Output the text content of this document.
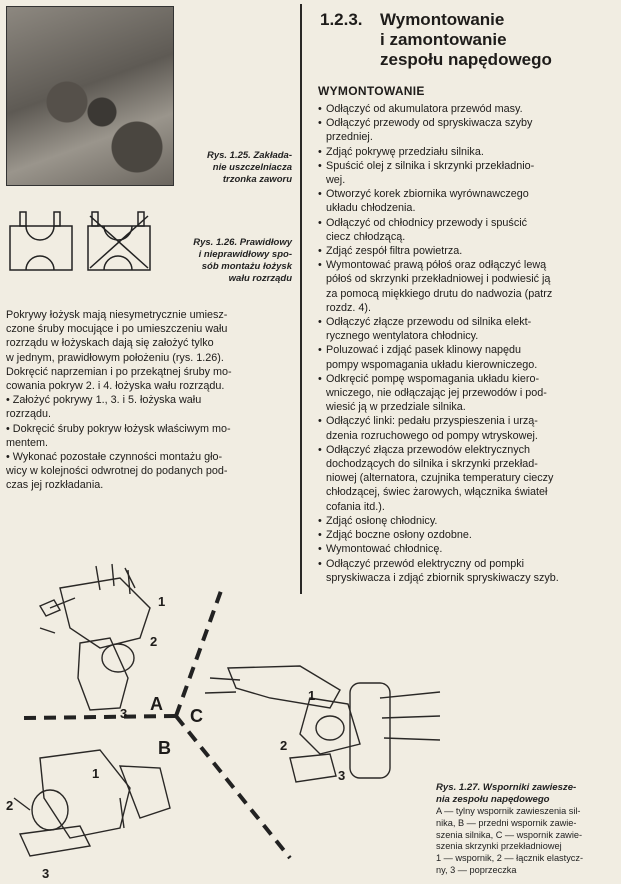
Rys. 1.25. Zakłada-
nie uszczelniacza
trzonka zaworu
Rys. 1.26. Prawidłowy
i nieprawidłowy spo-
sób montażu łożysk
wału rozrządu

Pokrywy łożysk mają niesymetrycznie umiesz-

czone śruby mocujące i po umieszczeniu wału

rozrządu w łożyskach dają się założyć tylko

w jednym, prawidłowym położeniu (rys. 1.26).

Dokręcić naprzemian i po przekątnej śruby mo-

cowania pokryw 2. i 4. łożyska wału rozrządu.

• Założyć pokrywy 1., 3. i 5. łożyska wału

rozrządu.

• Dokręcić śruby pokryw łożysk właściwym mo-

mentem.

• Wykonać pozostałe czynności montażu gło-

wicy w kolejności odwrotnej do podanych pod-

czas jej rozkładania.

1.2.3.	Wymontowanie
i zamontowanie
zespołu napędowego
WYMONTOWANIE
• Odłączyć od akumulatora przewód masy.
• Odłączyć przewody od spryskiwacza szyby
przedniej.
• Zdjąć pokrywę przedziału silnika.
• Spuścić olej z silnika i skrzynki przekładnio-
wej.
• Otworzyć korek zbiornika wyrównawczego
układu chłodzenia.
• Odłączyć od chłodnicy przewody i spuścić
ciecz chłodzącą.
• Zdjąć zespół filtra powietrza.
• Wymontować prawą półoś oraz odłączyć lewą
półoś od skrzynki przekładniowej i podwiesić ją
za pomocą miękkiego drutu do nadwozia (patrz
rozdz. 4).
• Odłączyć złącze przewodu od silnika elekt-
rycznego wentylatora chłodnicy.
• Poluzować i zdjąć pasek klinowy napędu
pompy wspomagania układu kierowniczego.
• Odkręcić pompę wspomagania układu kiero-
wniczego, nie odłączając jej przewodów i pod-
wiesić ją w przedziale silnika.
• Odłączyć linki: pedału przyspieszenia i urzą-
dzenia rozruchowego od pompy wtryskowej.
• Odłączyć złącza przewodów elektrycznych
dochodzących do silnika i skrzynki przekład-
niowej (alternatora, czujnika temperatury cieczy
chłodzącej, świec żarowych, włącznika świateł
cofania itd.).
• Zdjąć osłonę chłodnicy.
• Zdjąć boczne osłony ozdobne.
• Wymontować chłodnicę.
• Odłączyć przewód elektryczny od pompki
spryskiwacza i zdjąć zbiornik spryskiwaczy szyb.
A
B
C
1
2
3
1
2
3
1
2
3
Rys. 1.27. Wsporniki zawiesze-
nia zespołu napędowego
A — tylny wspornik zawieszenia sil-
nika, B — przedni wspornik zawie-
szenia silnika, C — wspornik zawie-
szenia skrzynki przekładniowej
1 — wspornik, 2 — łącznik elastycz-
ny, 3 — poprzeczka
